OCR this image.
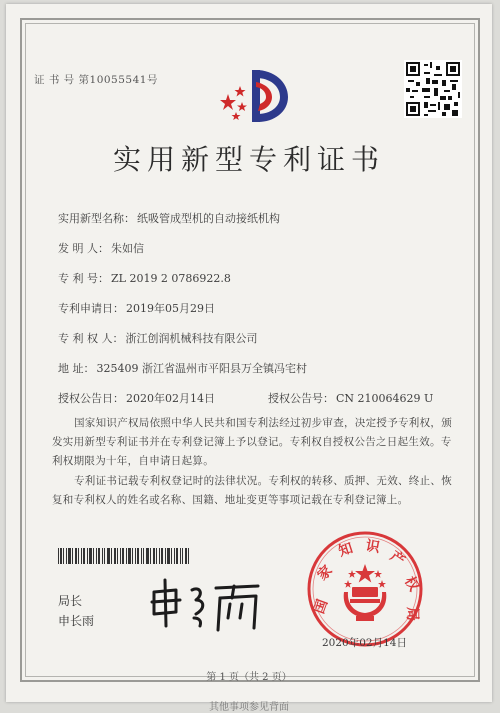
证 书 号 第10055541号
实用新型专利证书
实用新型名称： 纸吸管成型机的自动接纸机构
发 明 人： 朱如信
专 利 号： ZL 2019 2 0786922.8
专利申请日： 2019年05月29日
专 利 权 人： 浙江创润机械科技有限公司
地 址： 325409 浙江省温州市平阳县万全镇冯宅村
授权公告日： 2020年02月14日	授权公告号： CN 210064629 U
国家知识产权局依照中华人民共和国专利法经过初步审查，决定授予专利权，颁发实用新型专利证书并在专利登记簿上予以登记。专利权自授权公告之日起生效。专利权期限为十年，自申请日起算。
专利证书记载专利权登记时的法律状况。专利权的转移、质押、无效、终止、恢复和专利权人的姓名或名称、国籍、地址变更等事项记载在专利登记簿上。
局长
申长雨
国
家
知 识
产
权
局
2020年02月14日
第 1 页（共 2 页）
其他事项参见背面
